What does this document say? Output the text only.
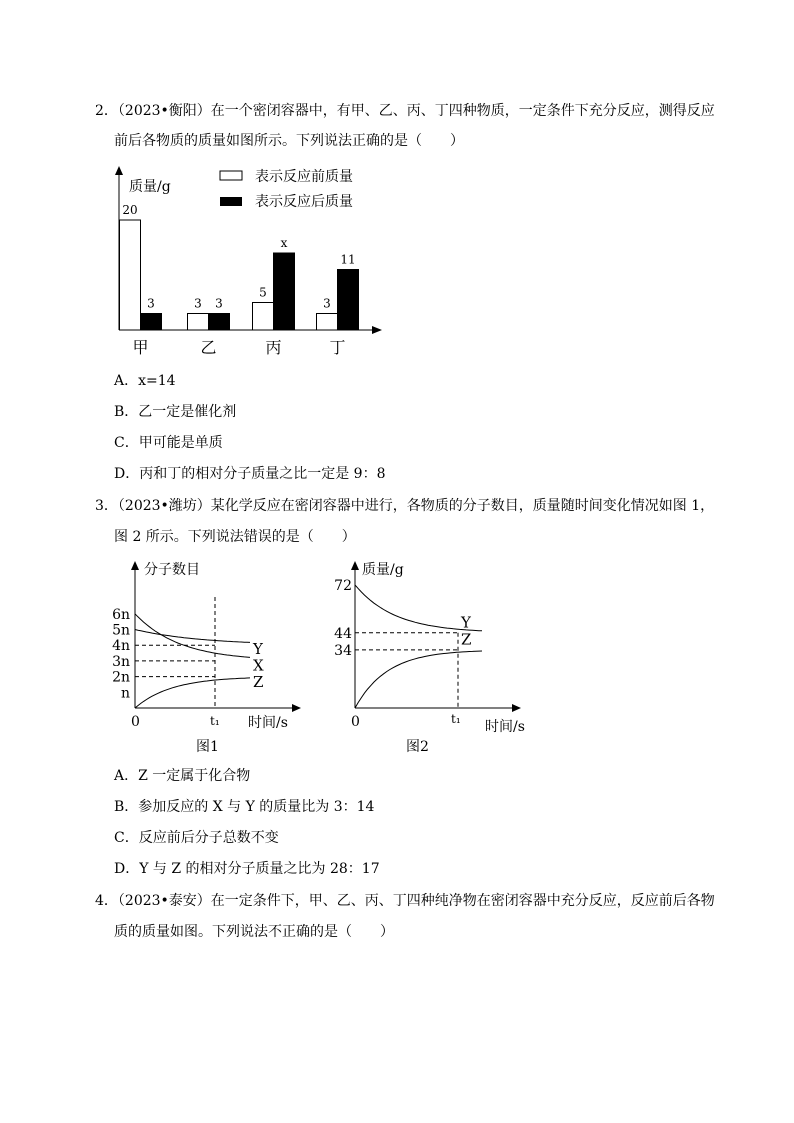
2．（2023•衡阳）在一个密闭容器中，有甲、乙、丙、丁四种物质，一定条件下充分反应，测得反应
前后各物质的质量如图所示。下列说法正确的是（　　）
质量/g
表示反应前质量
表示反应后质量
20
3
甲
3 3
乙
5
x
丙
3
11
丁
A．x=14
B．乙一定是催化剂
C．甲可能是单质
D．丙和丁的相对分子质量之比一定是 9：8
3．（2023•潍坊）某化学反应在密闭容器中进行，各物质的分子数目，质量随时间变化情况如图 1，
图 2 所示。下列说法错误的是（　　）
分子数目
时间/s
0	t₁
图1
6n
5n
4n
3n
2n
n
Y
X
Z
质量/g
时间/s
0	t₁
图2
72
44
34
Y
Z
A．Z 一定属于化合物
B．参加反应的 X 与 Y 的质量比为 3：14
C．反应前后分子总数不变
D．Y 与 Z 的相对分子质量之比为 28：17
4．（2023•泰安）在一定条件下，甲、乙、丙、丁四种纯净物在密闭容器中充分反应，反应前后各物
质的质量如图。下列说法不正确的是（　　）
